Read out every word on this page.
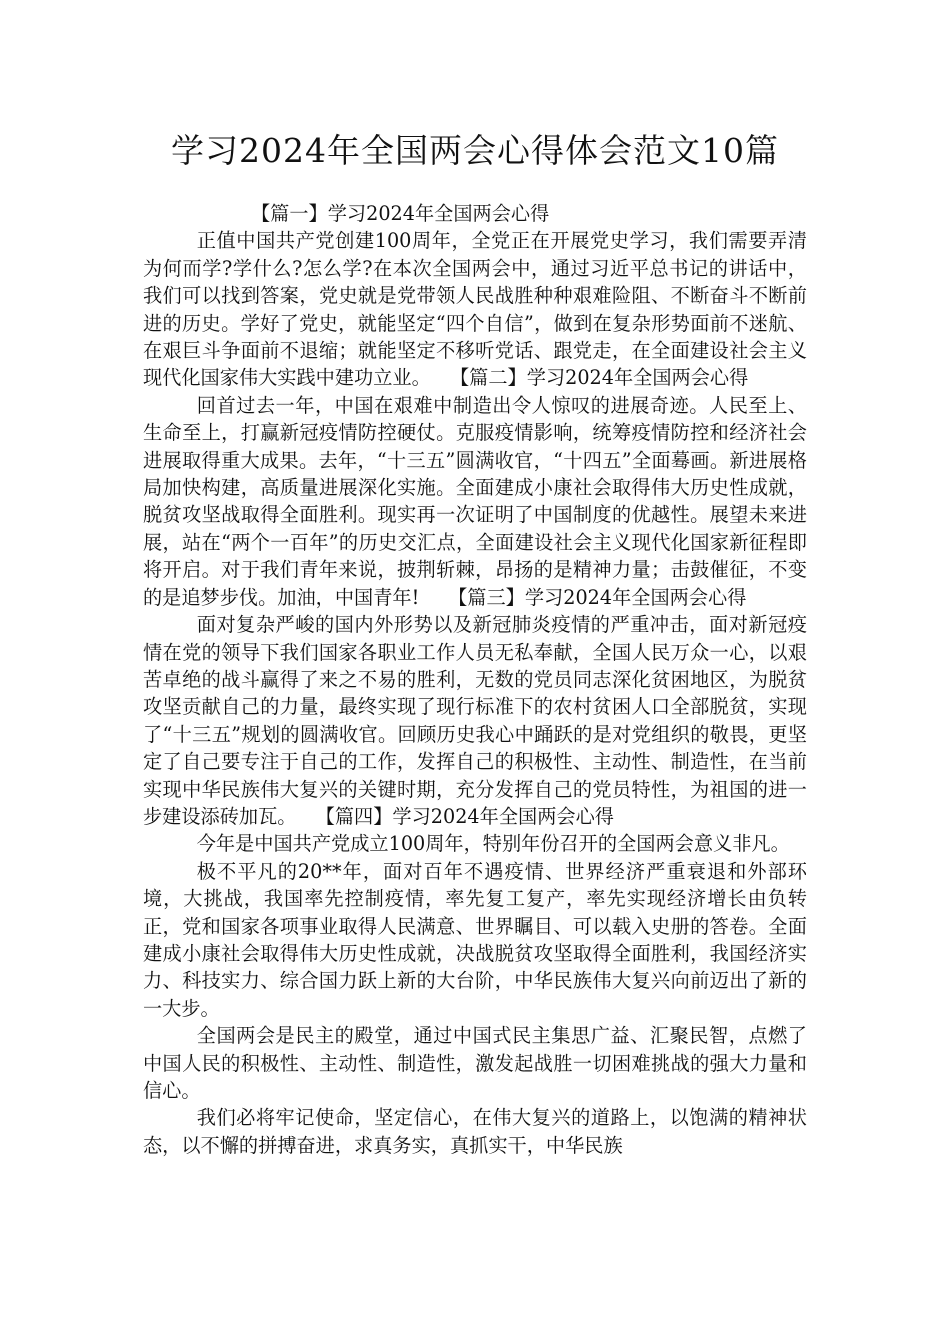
学习2024年全国两会心得体会范文10篇

【篇一】学习2024年全国两会心得

正值中国共产党创建100周年，全党正在开展党史学习，我们需要弄清为何而学?学什么?怎么学?在本次全国两会中，通过习近平总书记的讲话中，我们可以找到答案，党史就是党带领人民战胜种种艰难险阻、不断奋斗不断前进的历史。学好了党史，就能坚定“四个自信”，做到在复杂形势面前不迷航、在艰巨斗争面前不退缩；就能坚定不移听党话、跟党走，在全面建设社会主义现代化国家伟大实践中建功立业。　　【篇二】学习2024年全国两会心得

回首过去一年，中国在艰难中制造出令人惊叹的进展奇迹。人民至上、生命至上，打赢新冠疫情防控硬仗。克服疫情影响，统筹疫情防控和经济社会进展取得重大成果。去年，“十三五”圆满收官，“十四五”全面蓦画。新进展格局加快构建，高质量进展深化实施。全面建成小康社会取得伟大历史性成就，脱贫攻坚战取得全面胜利。现实再一次证明了中国制度的优越性。展望未来进展，站在“两个一百年”的历史交汇点，全面建设社会主义现代化国家新征程即将开启。对于我们青年来说，披荆斩棘，昂扬的是精神力量；击鼓催征，不变的是追梦步伐。加油，中国青年!　　【篇三】学习2024年全国两会心得

面对复杂严峻的国内外形势以及新冠肺炎疫情的严重冲击，面对新冠疫情在党的领导下我们国家各职业工作人员无私奉献，全国人民万众一心，以艰苦卓绝的战斗赢得了来之不易的胜利，无数的党员同志深化贫困地区，为脱贫攻坚贡献自己的力量，最终实现了现行标准下的农村贫困人口全部脱贫，实现了“十三五”规划的圆满收官。回顾历史我心中踊跃的是对党组织的敬畏，更坚定了自己要专注于自己的工作，发挥自己的积极性、主动性、制造性，在当前实现中华民族伟大复兴的关键时期，充分发挥自己的党员特性，为祖国的进一步建设添砖加瓦。　　【篇四】学习2024年全国两会心得

今年是中国共产党成立100周年，特别年份召开的全国两会意义非凡。

极不平凡的20**年，面对百年不遇疫情、世界经济严重衰退和外部环境，大挑战，我国率先控制疫情，率先复工复产，率先实现经济增长由负转正，党和国家各项事业取得人民满意、世界瞩目、可以载入史册的答卷。全面建成小康社会取得伟大历史性成就，决战脱贫攻坚取得全面胜利，我国经济实力、科技实力、综合国力跃上新的大台阶，中华民族伟大复兴向前迈出了新的一大步。

全国两会是民主的殿堂，通过中国式民主集思广益、汇聚民智，点燃了中国人民的积极性、主动性、制造性，激发起战胜一切困难挑战的强大力量和信心。

我们必将牢记使命，坚定信心，在伟大复兴的道路上，以饱满的精神状态，以不懈的拼搏奋进，求真务实，真抓实干，中华民族
